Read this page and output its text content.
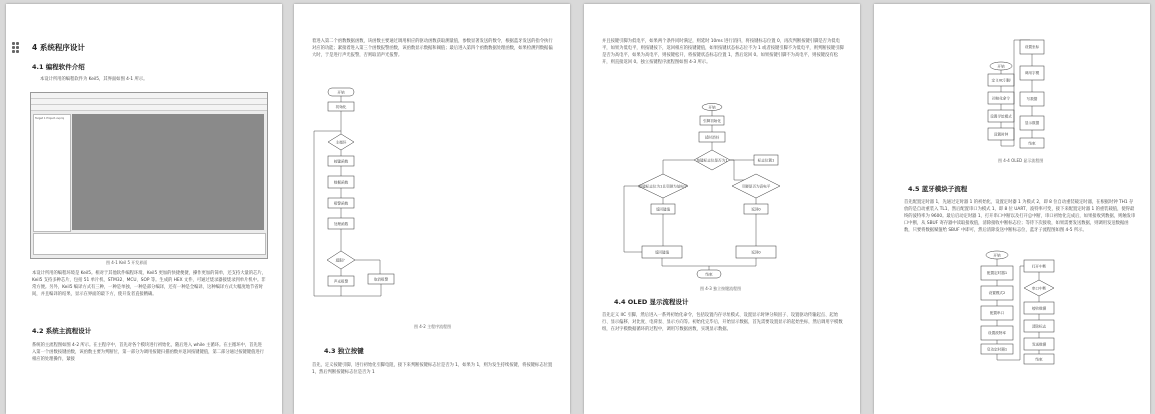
4 系统程序设计
4.1 编程软件介绍
本设计所用的编程软件为 Keil5，其界面如图 4-1 所示。
Target 1 Project.uvproj
图 4-1 Keil 5 开发界面
本设计所用的编程环境是 Keil5。相对于其他软件编程环境，Keil5 更加的快捷便捷，操作更加的简单，还支持大量的芯片，Keil5 支持多种芯片，包括 51 单片机、STM32、MCU、SOP 等。生成的 HEX 文件，可通过烧录器接烧录到单片机中。非常方便。另外，Keil5 编译方式有三种，一种是单独，一种是部分编译，还有一种是全编译，这种编译方式大幅度地节省时间，并且编译的结果，显示在界面的最下方，使开发者直接精确。
4.2 系统主流程设计
系统的主流程图如图 4-2 所示。在主程序中，首先对各个模块进行初始化，随后进入 while 主循环。在主循环中，首先进入第一个函数按键函数，该函数主要为判断位，第一部分为调用按键扫描函数并返回按键键值，第二部分通过按键键值进行相应的处理操作，紧接
着进入第二个函数数据函数，该函数主要通过调用相应的驱动函数获取测量值，参数显著发送的数令，根据蓝牙发送的指令执行对应的功能；紧接着进入第三个函数报警函数，该函数显示数据和阈值；最后进入第四个函数数据处理函数，如果检测到数据偏大时，于是进行声光报警，否则取消声光报警。
开始
初始化
主循环
按键函数
数据函数
报警函数
处理函数
超限？
声光报警	取消报警
图 4-2 主程序流程图
4.3 独立按键
首先，定义按键引脚，进行初始化引脚电阻，接下来判断按键标志位是否为 1，如果为 1，则为发生持续按键，将按键标志位置 1，然后判断按键标志位是否为 1
并且按键引脚为低电平，如果两个条件同时满足，则延时 10ms 进行消抖，将按键标志位置 0，再次判断按键引脚是否为低电平，如果为低电平，则按键按下，返回相应的按键键值，如果按键状态标志位不为 1 或者按键引脚不为低电平，则判断按键引脚是否为高电平，如果为高电平，则按键松开，将按键状态标志位置 1，然后返回 0。如果按键引脚不为高电平，则按键没有松开，则直接返回 0。独立按键程序流程图如图 4-3 所示。
开始
引脚初始化
延时消抖
按键标志位是否为1	标志位置1
按键标志位为1且引脚为低电平	引脚是否为高电平
返回键值	返回0
返回键值	返回0
结束
图 4-3 独立按键流程图
4.4 OLED 显示流程设计
首先定义 IIC 引脚，然后进入一系列初始化命令，包括设置内存寻址模式、设置显示时钟分频因子、设置驱动传输起点、起始行、显示偏移、对比度、电荷泵、显示方向等。初始化完毕后，开始显示数据，首先需要设置显示的起始坐标，然后调用字模数组，在对字模数据循环的过程中，调用写数据函数，实现显示数据。
开始
定义IIC引脚
初始化命令
设置寻址模式
设置时钟
设置坐标
调用字模
写数据
显示数据
结束
开始
配置定时器1
设置模式2
配置串口
设置波特率
启动定时器1
打开中断
串口中断
接收数据
清除标志
发送数据
结束
图 4-4 OLED 显示流程图
4.5 蓝牙模块子流程
首先配置定时器 1，先通过定时器 1 的初始化，设置定时器 1 为模式 2，即 8 位自动重装载定时器，在根据时钟 TH1 存放的是自动重装入 TL1，然后配置串口为模式 1，即 8 位 UART，波特率可变，接下来配置定时器 1 的重装载值，使得最终的波特率为 9600。最后启动定时器 1，打开串口中断以及打开总中断，串口初始化完成后，如果接收到数据，则触发串口中断，从 SBUF 寄存器中读取接收值，清除接收中断标志位；等待下次接收，如果需要发送数据，则调用发送数据函数，只要将数据赋值给 SBUF 中即可，然后清除发送中断标志位，蓝牙子流程图如图 4-5 所示。
